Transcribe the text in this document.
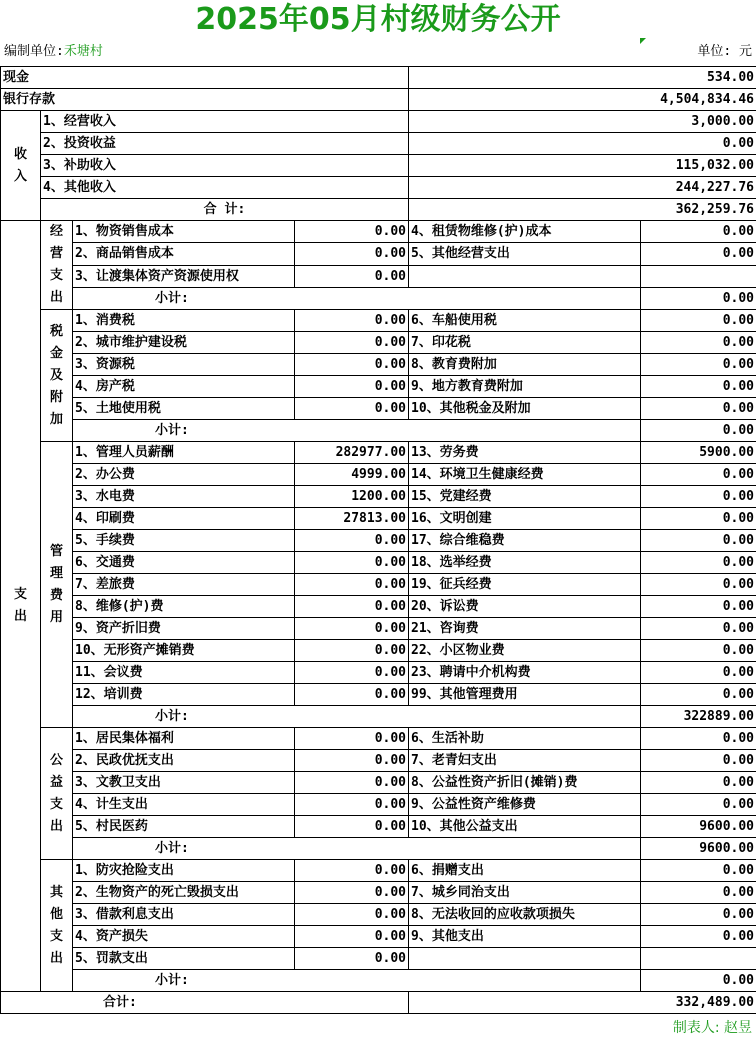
2025年05月村级财务公开
编制单位:禾塘村	单位: 元
现金				534.00	
银行存款				4,504,834.46	
收 入	1、经营收入			3,000.00	
	2、投资收益			0.00	
	3、补助收入			115,032.00	
	4、其他收入			244,227.76	
	合 计:			362,259.76	
支 出	经营支出	1、物资销售成本	0.00	4、租赁物维修(护)成本	0.00
		2、商品销售成本	0.00	5、其他经营支出	0.00
		3、让渡集体资产资源使用权	0.00		
		小计:			0.00
	税金及附加	1、消费税	0.00	6、车船使用税	0.00
		2、城市维护建设税	0.00	7、印花税	0.00
		3、资源税	0.00	8、教育费附加	0.00
		4、房产税	0.00	9、地方教育费附加	0.00
		5、土地使用税	0.00	10、其他税金及附加	0.00
		小计:			0.00
	管理费用	1、管理人员薪酬	282977.00	13、劳务费	5900.00
		2、办公费	4999.00	14、环境卫生健康经费	0.00
		3、水电费	1200.00	15、党建经费	0.00
		4、印刷费	27813.00	16、文明创建	0.00
		5、手续费	0.00	17、综合维稳费	0.00
		6、交通费	0.00	18、选举经费	0.00
		7、差旅费	0.00	19、征兵经费	0.00
		8、维修(护)费	0.00	20、诉讼费	0.00
		9、资产折旧费	0.00	21、咨询费	0.00
		10、无形资产摊销费	0.00	22、小区物业费	0.00
		11、会议费	0.00	23、聘请中介机构费	0.00
		12、培训费	0.00	99、其他管理费用	0.00
		小计:			322889.00
	公益支出	1、居民集体福利	0.00	6、生活补助	0.00
		2、民政优抚支出	0.00	7、老青妇支出	0.00
		3、文教卫支出	0.00	8、公益性资产折旧(摊销)费	0.00
		4、计生支出	0.00	9、公益性资产维修费	0.00
		5、村民医药	0.00	10、其他公益支出	9600.00
		小计:			9600.00
	其他支出	1、防灾抢险支出	0.00	6、捐赠支出	0.00
		2、生物资产的死亡毁损支出	0.00	7、城乡同治支出	0.00
		3、借款利息支出	0.00	8、无法收回的应收款项损失	0.00
		4、资产损失	0.00	9、其他支出	0.00
		5、罚款支出	0.00		
		小计:			0.00
合计:				332,489.00	
制表人: 赵昱
